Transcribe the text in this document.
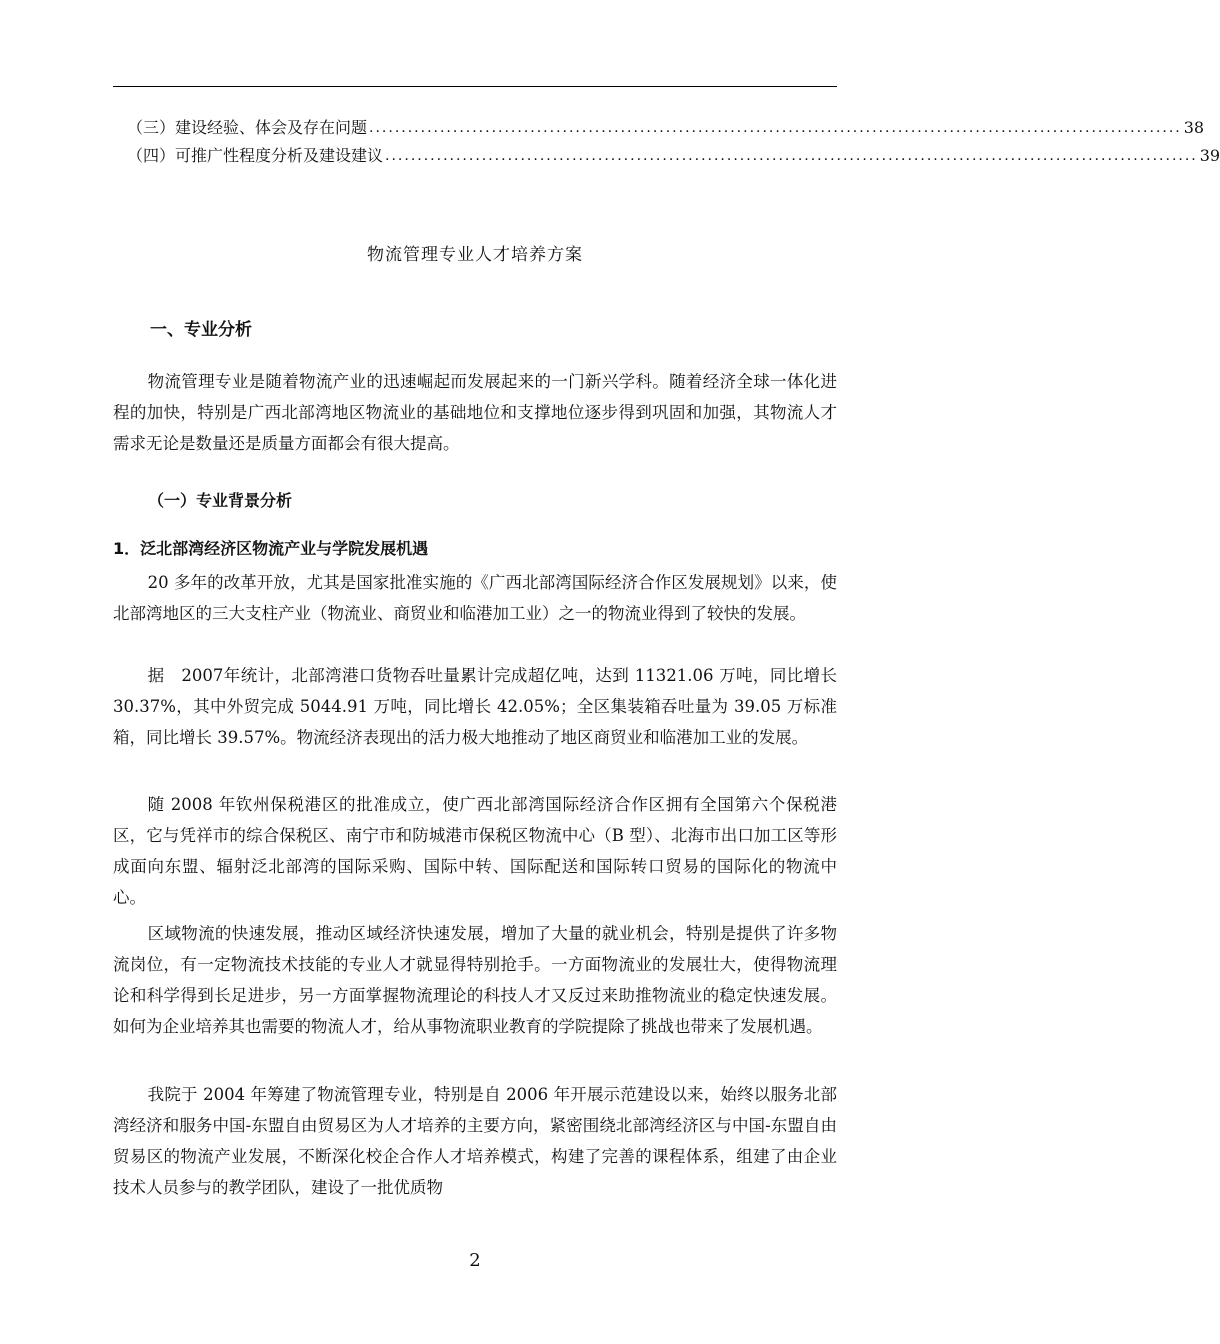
（三）建设经验、体会及存在问题 .............................................................................................................................. 38
（四）可推广性程度分析及建设建议 .............................................................................................................................. 39
物流管理专业人才培养方案
一、专业分析

物流管理专业是随着物流产业的迅速崛起而发展起来的一门新兴学科。随着经济全球一体化进程的加快，特别是广西北部湾地区物流业的基础地位和支撑地位逐步得到巩固和加强，其物流人才需求无论是数量还是质量方面都会有很大提高。

（一）专业背景分析
1．泛北部湾经济区物流产业与学院发展机遇

20 多年的改革开放，尤其是国家批准实施的《广西北部湾国际经济合作区发展规划》以来，使北部湾地区的三大支柱产业（物流业、商贸业和临港加工业）之一的物流业得到了较快的发展。

据　2007年统计，北部湾港口货物吞吐量累计完成超亿吨，达到 11321.06 万吨，同比增长 30.37%，其中外贸完成 5044.91 万吨，同比增长 42.05%；全区集装箱吞吐量为 39.05 万标准箱，同比增长 39.57%。物流经济表现出的活力极大地推动了地区商贸业和临港加工业的发展。

随 2008 年钦州保税港区的批准成立，使广西北部湾国际经济合作区拥有全国第六个保税港区，它与凭祥市的综合保税区、南宁市和防城港市保税区物流中心（B 型）、北海市出口加工区等形成面向东盟、辐射泛北部湾的国际采购、国际中转、国际配送和国际转口贸易的国际化的物流中心。

区域物流的快速发展，推动区域经济快速发展，增加了大量的就业机会，特别是提供了许多物流岗位，有一定物流技术技能的专业人才就显得特别抢手。一方面物流业的发展壮大，使得物流理论和科学得到长足进步，另一方面掌握物流理论的科技人才又反过来助推物流业的稳定快速发展。如何为企业培养其也需要的物流人才，给从事物流职业教育的学院提除了挑战也带来了发展机遇。

我院于 2004 年筹建了物流管理专业，特别是自 2006 年开展示范建设以来，始终以服务北部湾经济和服务中国-东盟自由贸易区为人才培养的主要方向，紧密围绕北部湾经济区与中国-东盟自由贸易区的物流产业发展，不断深化校企合作人才培养模式，构建了完善的课程体系，组建了由企业技术人员参与的教学团队，建设了一批优质物

2
